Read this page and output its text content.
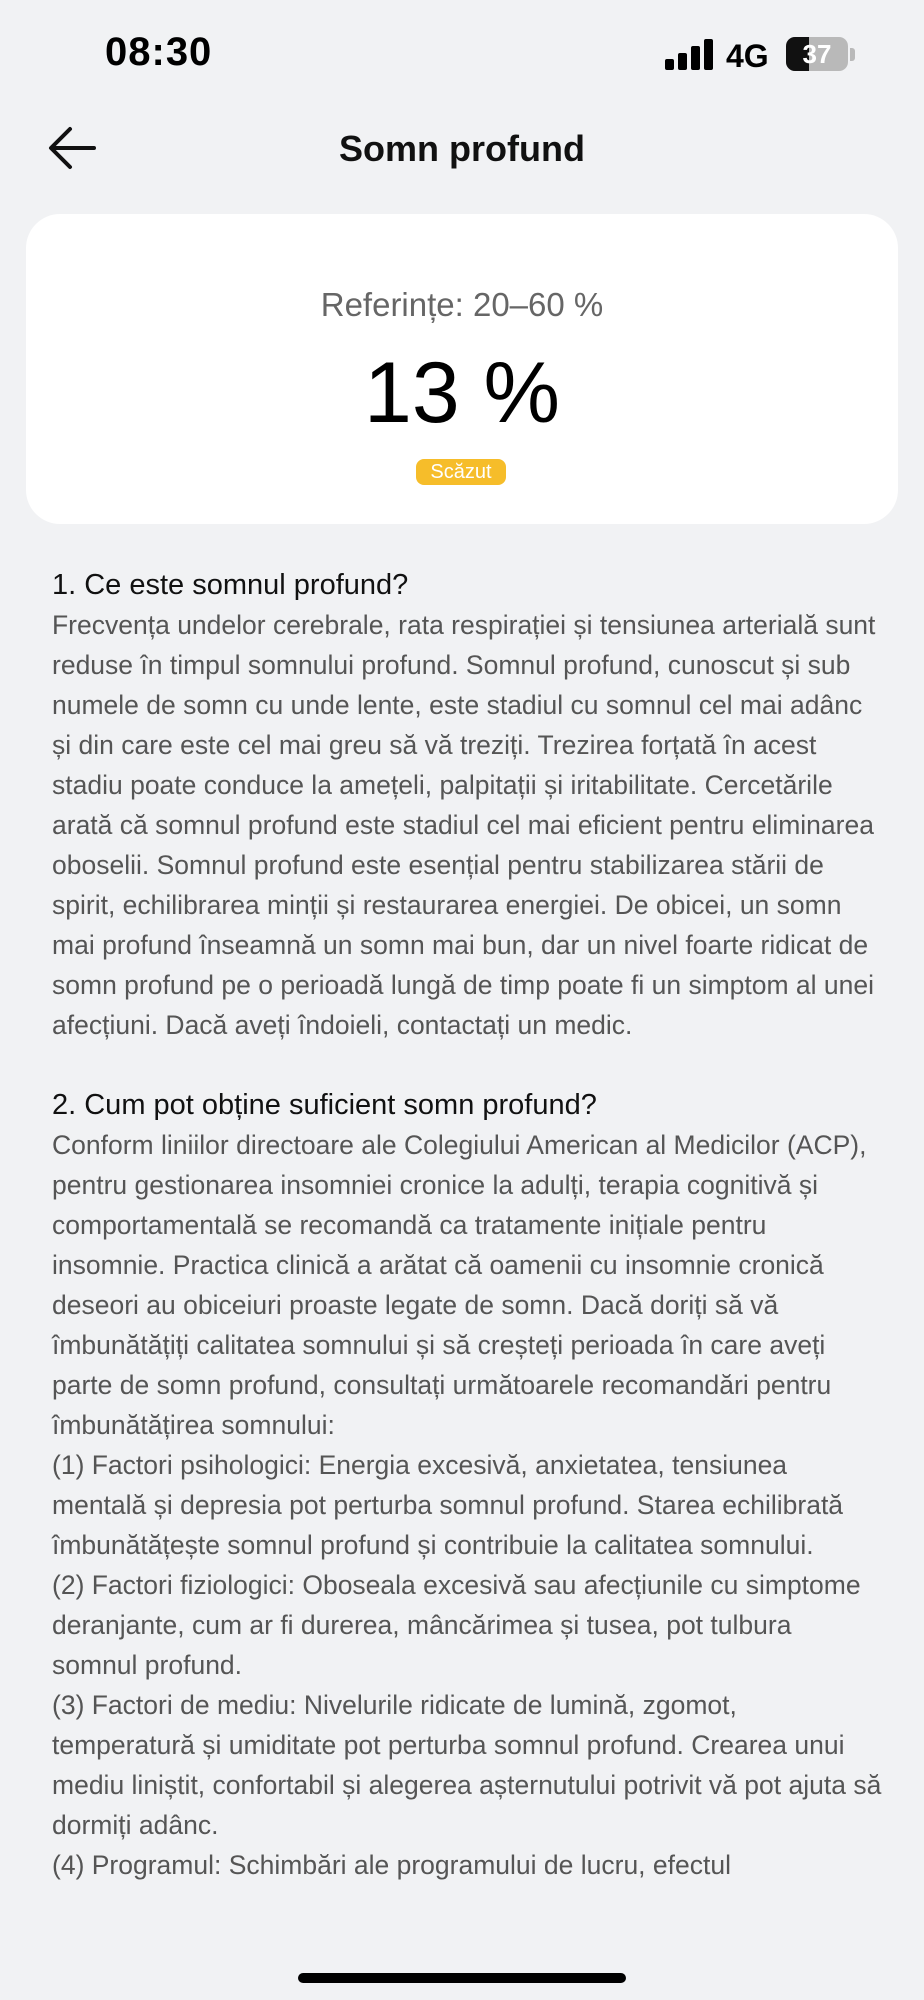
08:30	4G	37
Somn profund
Referințe: 20–60 %
13 %
Scăzut
1. Ce este somnul profund?

Frecvența undelor cerebrale, rata respirației și tensiunea arterială sunt reduse în timpul somnului profund. Somnul profund, cunoscut și sub numele de somn cu unde lente, este stadiul cu somnul cel mai adânc și din care este cel mai greu să vă treziți. Trezirea forțată în acest stadiu poate conduce la amețeli, palpitații și iritabilitate. Cercetările arată că somnul profund este stadiul cel mai eficient pentru eliminarea oboselii. Somnul profund este esențial pentru stabilizarea stării de spirit, echilibrarea minții și restaurarea energiei. De obicei, un somn mai profund înseamnă un somn mai bun, dar un nivel foarte ridicat de somn profund pe o perioadă lungă de timp poate fi un simptom al unei afecțiuni. Dacă aveți îndoieli, contactați un medic.

2. Cum pot obține suficient somn profund?

Conform liniilor directoare ale Colegiului American al Medicilor (ACP), pentru gestionarea insomniei cronice la adulți, terapia cognitivă și comportamentală se recomandă ca tratamente inițiale pentru insomnie. Practica clinică a arătat că oamenii cu insomnie cronică deseori au obiceiuri proaste legate de somn. Dacă doriți să vă îmbunătățiți calitatea somnului și să creșteți perioada în care aveți parte de somn profund, consultați următoarele recomandări pentru îmbunătățirea somnului:

(1) Factori psihologici: Energia excesivă, anxietatea, tensiunea mentală și depresia pot perturba somnul profund. Starea echilibrată îmbunătățește somnul profund și contribuie la calitatea somnului.

(2) Factori fiziologici: Oboseala excesivă sau afecțiunile cu simptome deranjante, cum ar fi durerea, mâncărimea și tusea, pot tulbura somnul profund.

(3) Factori de mediu: Nivelurile ridicate de lumină, zgomot, temperatură și umiditate pot perturba somnul profund. Crearea unui mediu liniștit, confortabil și alegerea așternutului potrivit vă pot ajuta să dormiți adânc.

(4) Programul: Schimbări ale programului de lucru, efectul
